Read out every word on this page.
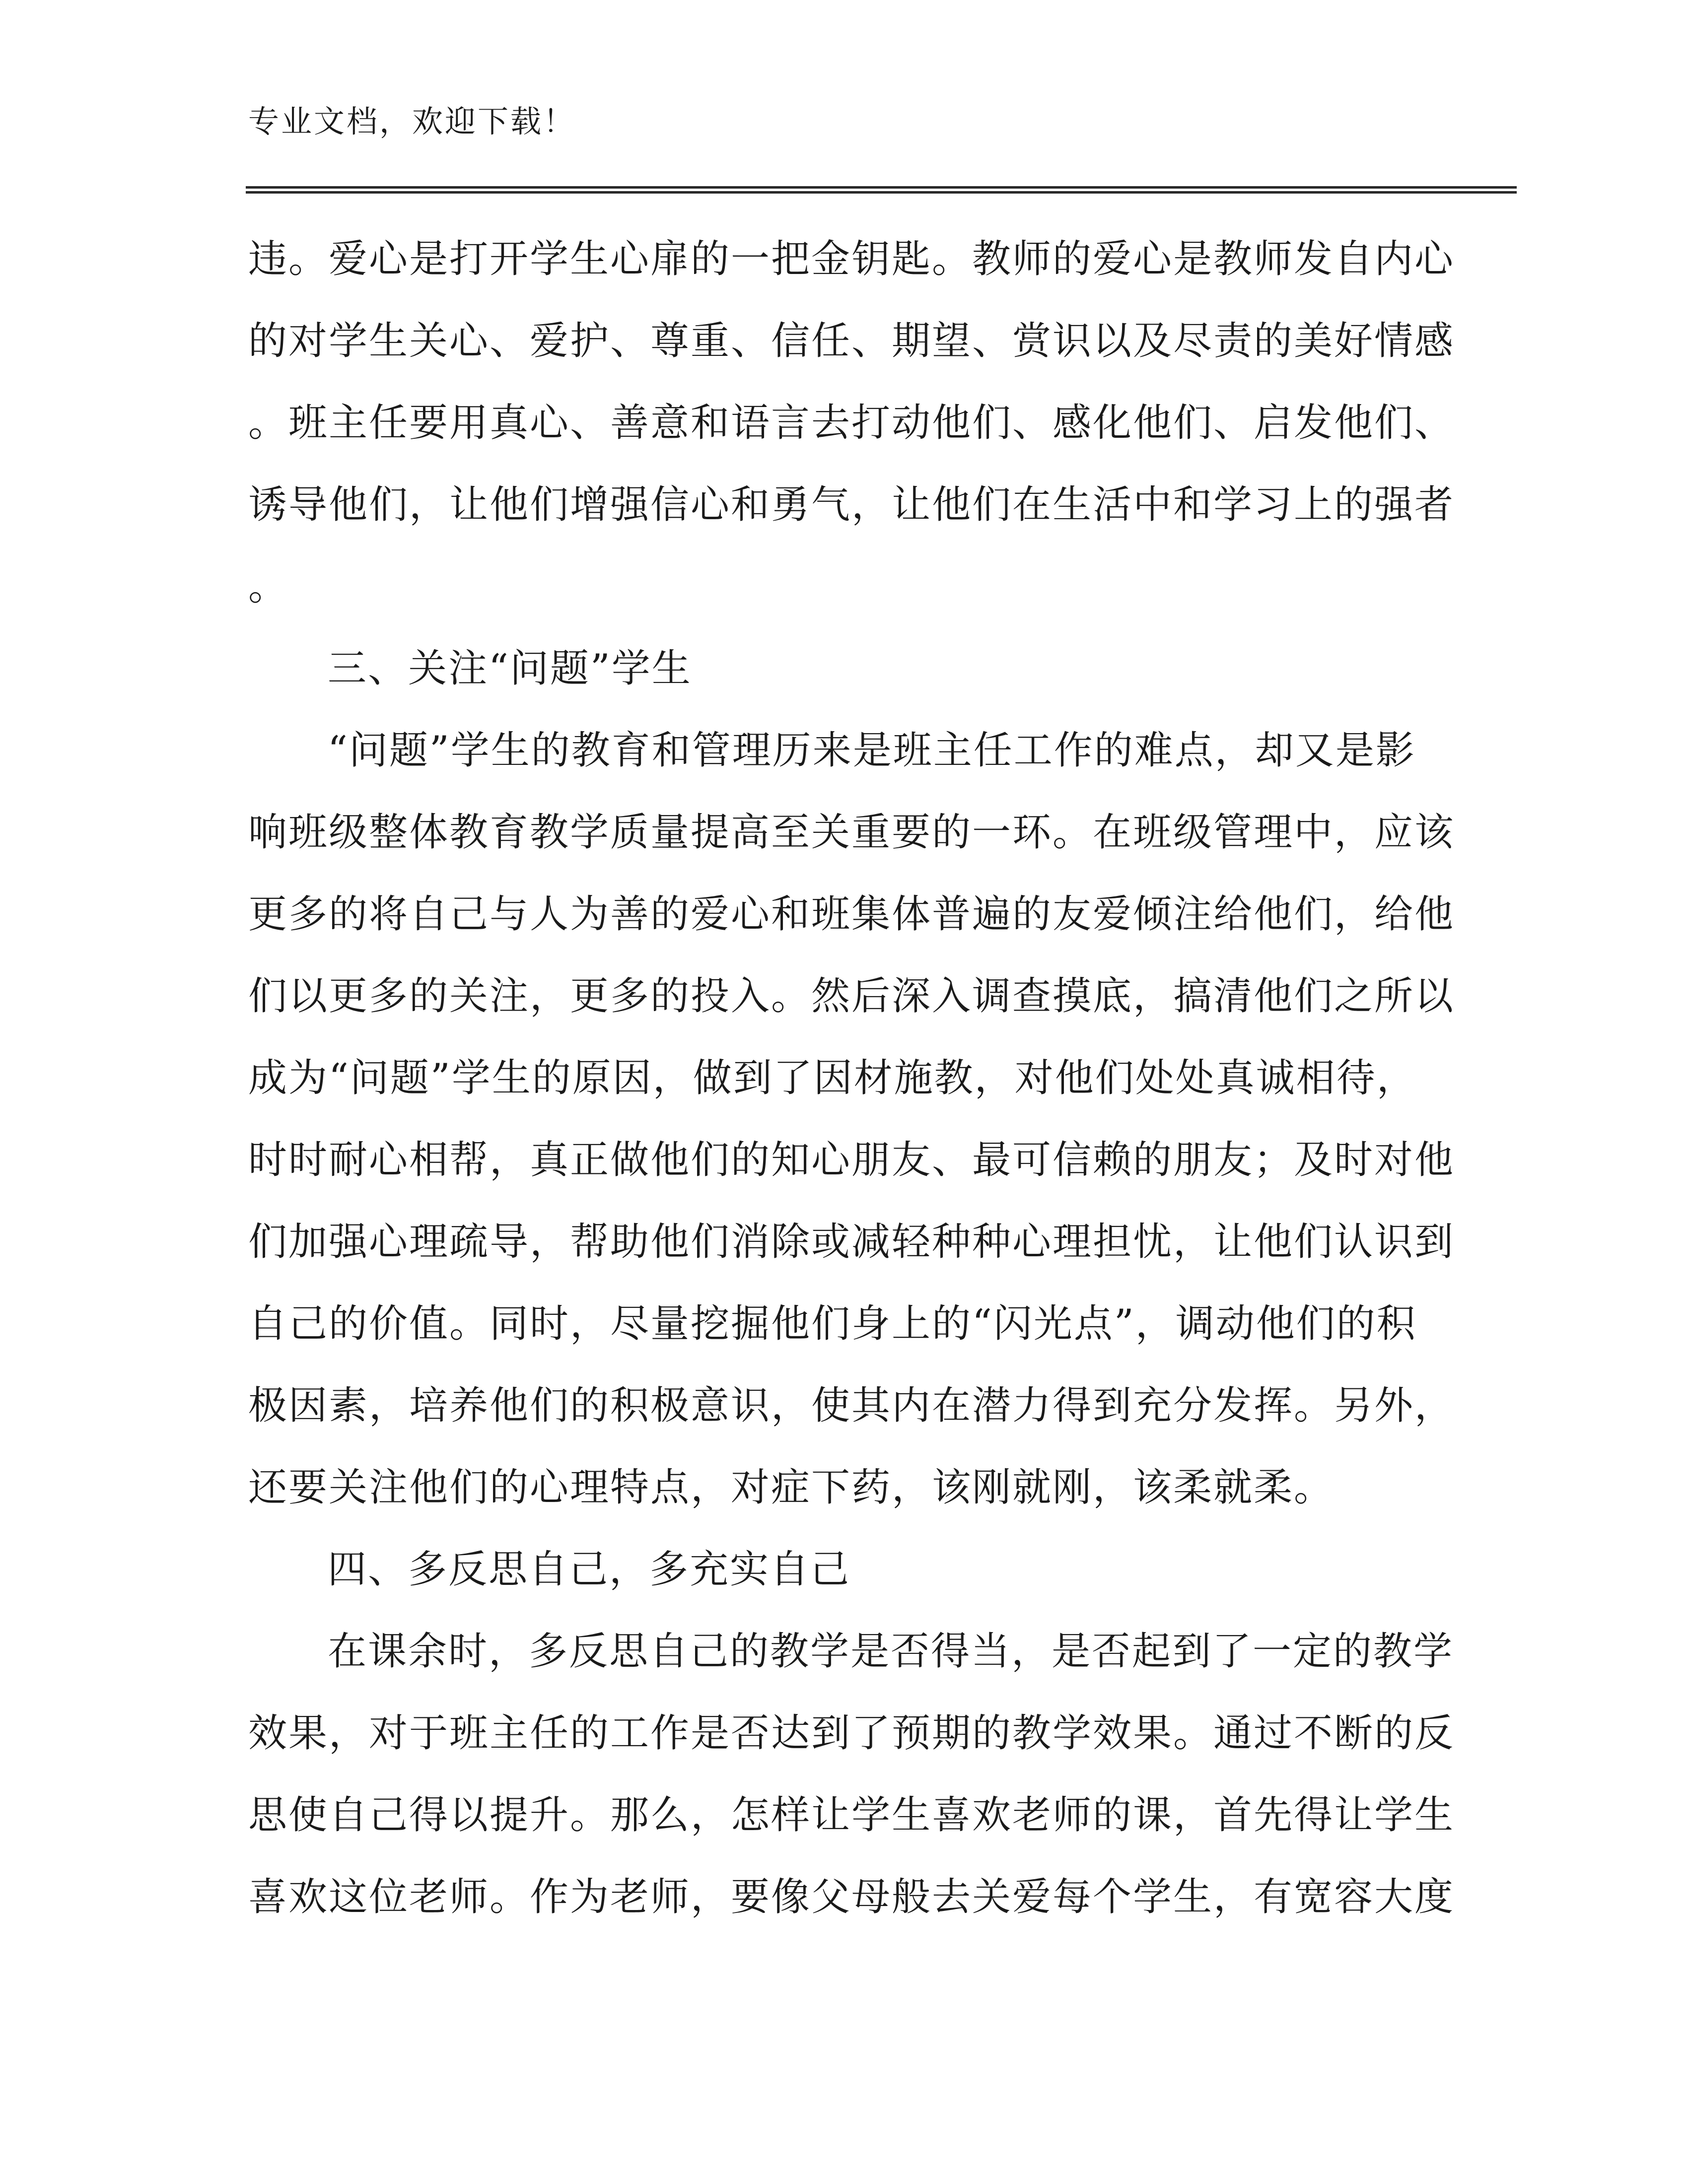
专业文档，欢迎下载！

违。爱心是打开学生心扉的一把金钥匙。教师的爱心是教师发自内心

的对学生关心、爱护、尊重、信任、期望、赏识以及尽责的美好情感

。班主任要用真心、善意和语言去打动他们、感化他们、启发他们、

诱导他们，让他们增强信心和勇气，让他们在生活中和学习上的强者

。

三、关注“问题”学生

“问题”学生的教育和管理历来是班主任工作的难点，却又是影

响班级整体教育教学质量提高至关重要的一环。在班级管理中，应该

更多的将自己与人为善的爱心和班集体普遍的友爱倾注给他们，给他

们以更多的关注，更多的投入。然后深入调查摸底，搞清他们之所以

成为“问题”学生的原因，做到了因材施教，对他们处处真诚相待，

时时耐心相帮，真正做他们的知心朋友、最可信赖的朋友；及时对他

们加强心理疏导，帮助他们消除或减轻种种心理担忧，让他们认识到

自己的价值。同时，尽量挖掘他们身上的“闪光点”，调动他们的积

极因素，培养他们的积极意识，使其内在潜力得到充分发挥。另外，

还要关注他们的心理特点，对症下药，该刚就刚，该柔就柔。

四、多反思自己，多充实自己

在课余时，多反思自己的教学是否得当，是否起到了一定的教学

效果，对于班主任的工作是否达到了预期的教学效果。通过不断的反

思使自己得以提升。那么，怎样让学生喜欢老师的课，首先得让学生

喜欢这位老师。作为老师，要像父母般去关爱每个学生，有宽容大度
